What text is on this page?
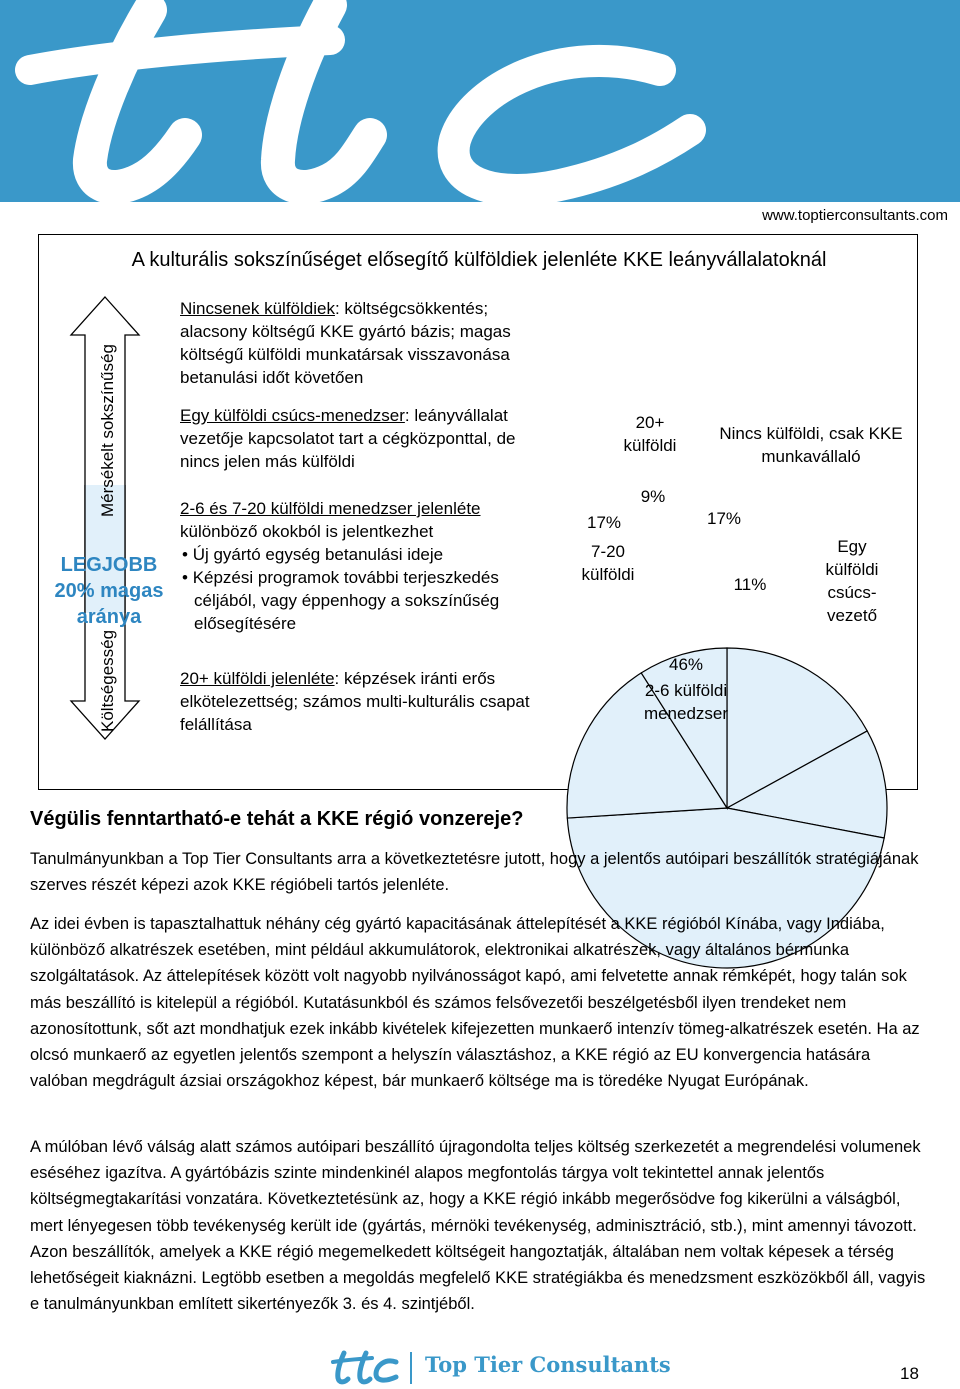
www.toptierconsultants.com
A kulturális sokszínűséget elősegítő külföldiek jelenléte KKE leányvállalatoknál
Mérsékelt sokszínűség
Költségesség
LEGJOBB
20% magas
aránya
Nincsenek külföldiek: költségcsökkentés; alacsony költségű KKE gyártó bázis; magas költségű külföldi munkatársak visszavonása betanulási időt követően
Egy külföldi csúcs-menedzser: leányvállalat vezetője kapcsolatot tart a cégközponttal, de nincs jelen más külföldi
2-6 és 7-20 külföldi menedzser jelenléte különböző okokból is jelentkezhet
• Új gyártó egység betanulási ideje
• Képzési programok további terjeszkedés céljából, vagy éppenhogy a sokszínűség elősegítésére
20+ külföldi jelenléte: képzések iránti erős elkötelezettség; számos multi-kulturális csapat felállítása
Nincs külföldi, csak KKE munkavállaló
17%
Egy külföldi csúcs-vezető
11%
46%
2-6 külföldi menedzser
17%
7-20 külföldi
20+ külföldi
9%
Végülis fenntartható-e tehát a KKE régió vonzereje?
Tanulmányunkban a Top Tier Consultants arra a következtetésre jutott, hogy a jelentős autóipari beszállítók stratégiájának szerves részét képezi azok KKE régióbeli tartós jelenléte.
Az idei évben is tapasztalhattuk néhány cég gyártó kapacitásának áttelepítését a KKE régióból Kínába, vagy Indiába, különböző alkatrészek esetében, mint például akkumulátorok, elektronikai alkatrészek, vagy általános bérmunka szolgáltatások. Az áttelepítések között volt nagyobb nyilvánosságot kapó, ami felvetette annak rémképét, hogy talán sok más beszállító is kitelepül a régióból. Kutatásunkból és számos felsővezetői beszélgetésből ilyen trendeket nem azonosítottunk, sőt azt mondhatjuk ezek inkább kivételek kifejezetten munkaerő intenzív tömeg-alkatrészek esetén. Ha az olcsó munkaerő az egyetlen jelentős szempont a helyszín választáshoz, a KKE régió az EU konvergencia hatására valóban megdrágult ázsiai országokhoz képest, bár munkaerő költsége ma is töredéke Nyugat Európának.
A múlóban lévő válság alatt számos autóipari beszállító újragondolta teljes költség szerkezetét a megrendelési volumenek eséséhez igazítva. A gyártóbázis szinte mindenkinél alapos megfontolás tárgya volt tekintettel annak jelentős költségmegtakarítási vonzatára. Következtetésünk az, hogy a KKE régió inkább megerősödve fog kikerülni a válságból, mert lényegesen több tevékenység került ide (gyártás, mérnöki tevékenység, adminisztráció, stb.), mint amennyi távozott. Azon beszállítók, amelyek a KKE régió megemelkedett költségeit hangoztatják, általában nem voltak képesek a térség lehetőségeit kiaknázni. Legtöbb esetben a megoldás megfelelő KKE stratégiákba és menedzsment eszközökből áll, vagyis e tanulmányunkban említett sikertényezők 3. és 4. szintjéből.
Top Tier Consultants	18
